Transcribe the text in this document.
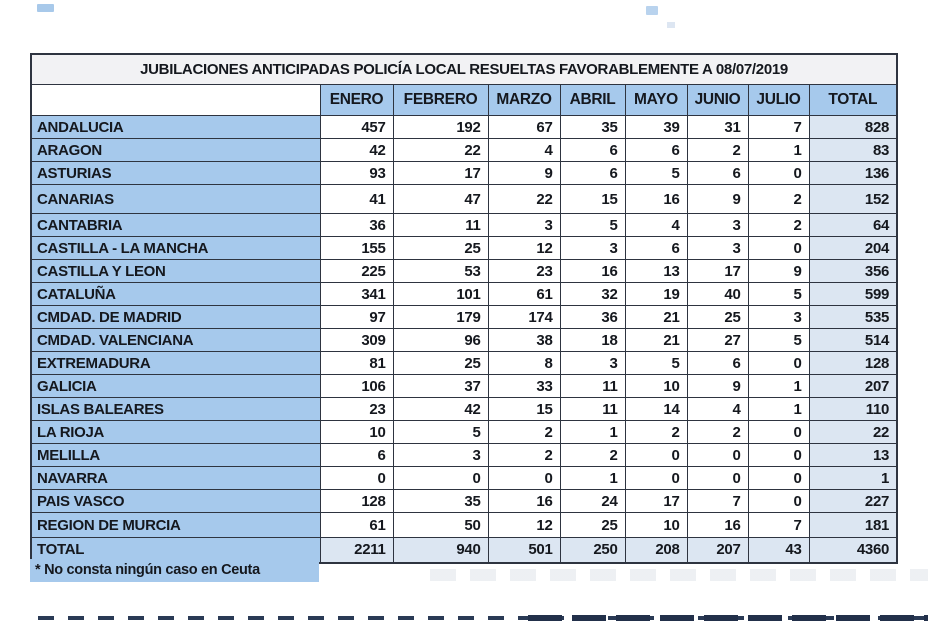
JUBILACIONES ANTICIPADAS POLICÍA LOCAL RESUELTAS FAVORABLEMENTE A 08/07/2019								
	ENERO	FEBRERO	MARZO	ABRIL	MAYO	JUNIO	JULIO	TOTAL
ANDALUCIA	457	192	67	35	39	31	7	828
ARAGON	42	22	4	6	6	2	1	83
ASTURIAS	93	17	9	6	5	6	0	136
CANARIAS	41	47	22	15	16	9	2	152
CANTABRIA	36	11	3	5	4	3	2	64
CASTILLA - LA MANCHA	155	25	12	3	6	3	0	204
CASTILLA Y LEON	225	53	23	16	13	17	9	356
CATALUÑA	341	101	61	32	19	40	5	599
CMDAD. DE MADRID	97	179	174	36	21	25	3	535
CMDAD. VALENCIANA	309	96	38	18	21	27	5	514
EXTREMADURA	81	25	8	3	5	6	0	128
GALICIA	106	37	33	11	10	9	1	207
ISLAS BALEARES	23	42	15	11	14	4	1	110
LA RIOJA	10	5	2	1	2	2	0	22
MELILLA	6	3	2	2	0	0	0	13
NAVARRA	0	0	0	1	0	0	0	1
PAIS VASCO	128	35	16	24	17	7	0	227
REGION DE MURCIA	61	50	12	25	10	16	7	181
TOTAL	2211	940	501	250	208	207	43	4360
* No consta ningún caso en Ceuta
